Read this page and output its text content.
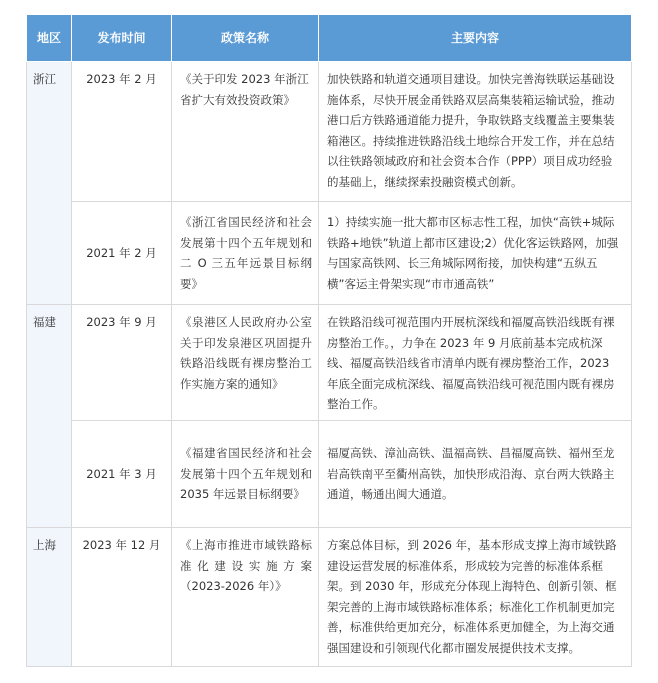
地区	发布时间	政策名称	主要内容
浙江	2023 年 2 月	《关于印发 2023 年浙江省扩大有效投资政策》	加快铁路和轨道交通项目建设。加快完善海铁联运基础设施体系，尽快开展金甬铁路双层高集装箱运输试验，推动港口后方铁路通道能力提升，争取铁路支线覆盖主要集装箱港区。持续推进铁路沿线土地综合开发工作，并在总结以往铁路领域政府和社会资本合作（PPP）项目成功经验的基础上，继续探索投融资模式创新。
	2021 年 2 月	《浙江省国民经济和社会发展第十四个五年规划和二 O 三五年远景目标纲要》	1）持续实施一批大都市区标志性工程，加快“高铁+城际铁路+地铁”轨道上都市区建设;2）优化客运铁路网，加强与国家高铁网、长三角城际网衔接，加快构建“五纵五横”客运主骨架实现“市市通高铁”
福建	2023 年 9 月	《泉港区人民政府办公室关于印发泉港区巩固提升铁路沿线既有裸房整治工作实施方案的通知》	在铁路沿线可视范围内开展杭深线和福厦高铁沿线既有裸房整治工作。，力争在 2023 年 9 月底前基本完成杭深线、福厦高铁沿线省市清单内既有裸房整治工作，2023 年底全面完成杭深线、福厦高铁沿线可视范围内既有裸房整治工作。
	2021 年 3 月	《福建省国民经济和社会发展第十四个五年规划和 2035 年远景目标纲要》	福厦高铁、漳汕高铁、温福高铁、昌福厦高铁、福州至龙岩高铁南平至衢州高铁，加快形成沿海、京台两大铁路主通道，畅通出闽大通道。
上海	2023 年 12 月	《上海市推进市域铁路标准化建设实施方案（2023-2026 年）》	方案总体目标，到 2026 年，基本形成支撑上海市域铁路建设运营发展的标准体系，形成较为完善的标准体系框架。到 2030 年，形成充分体现上海特色、创新引领、框架完善的上海市域铁路标准体系；标准化工作机制更加完善，标准供给更加充分，标准体系更加健全，为上海交通强国建设和引领现代化都市圈发展提供技术支撑。
